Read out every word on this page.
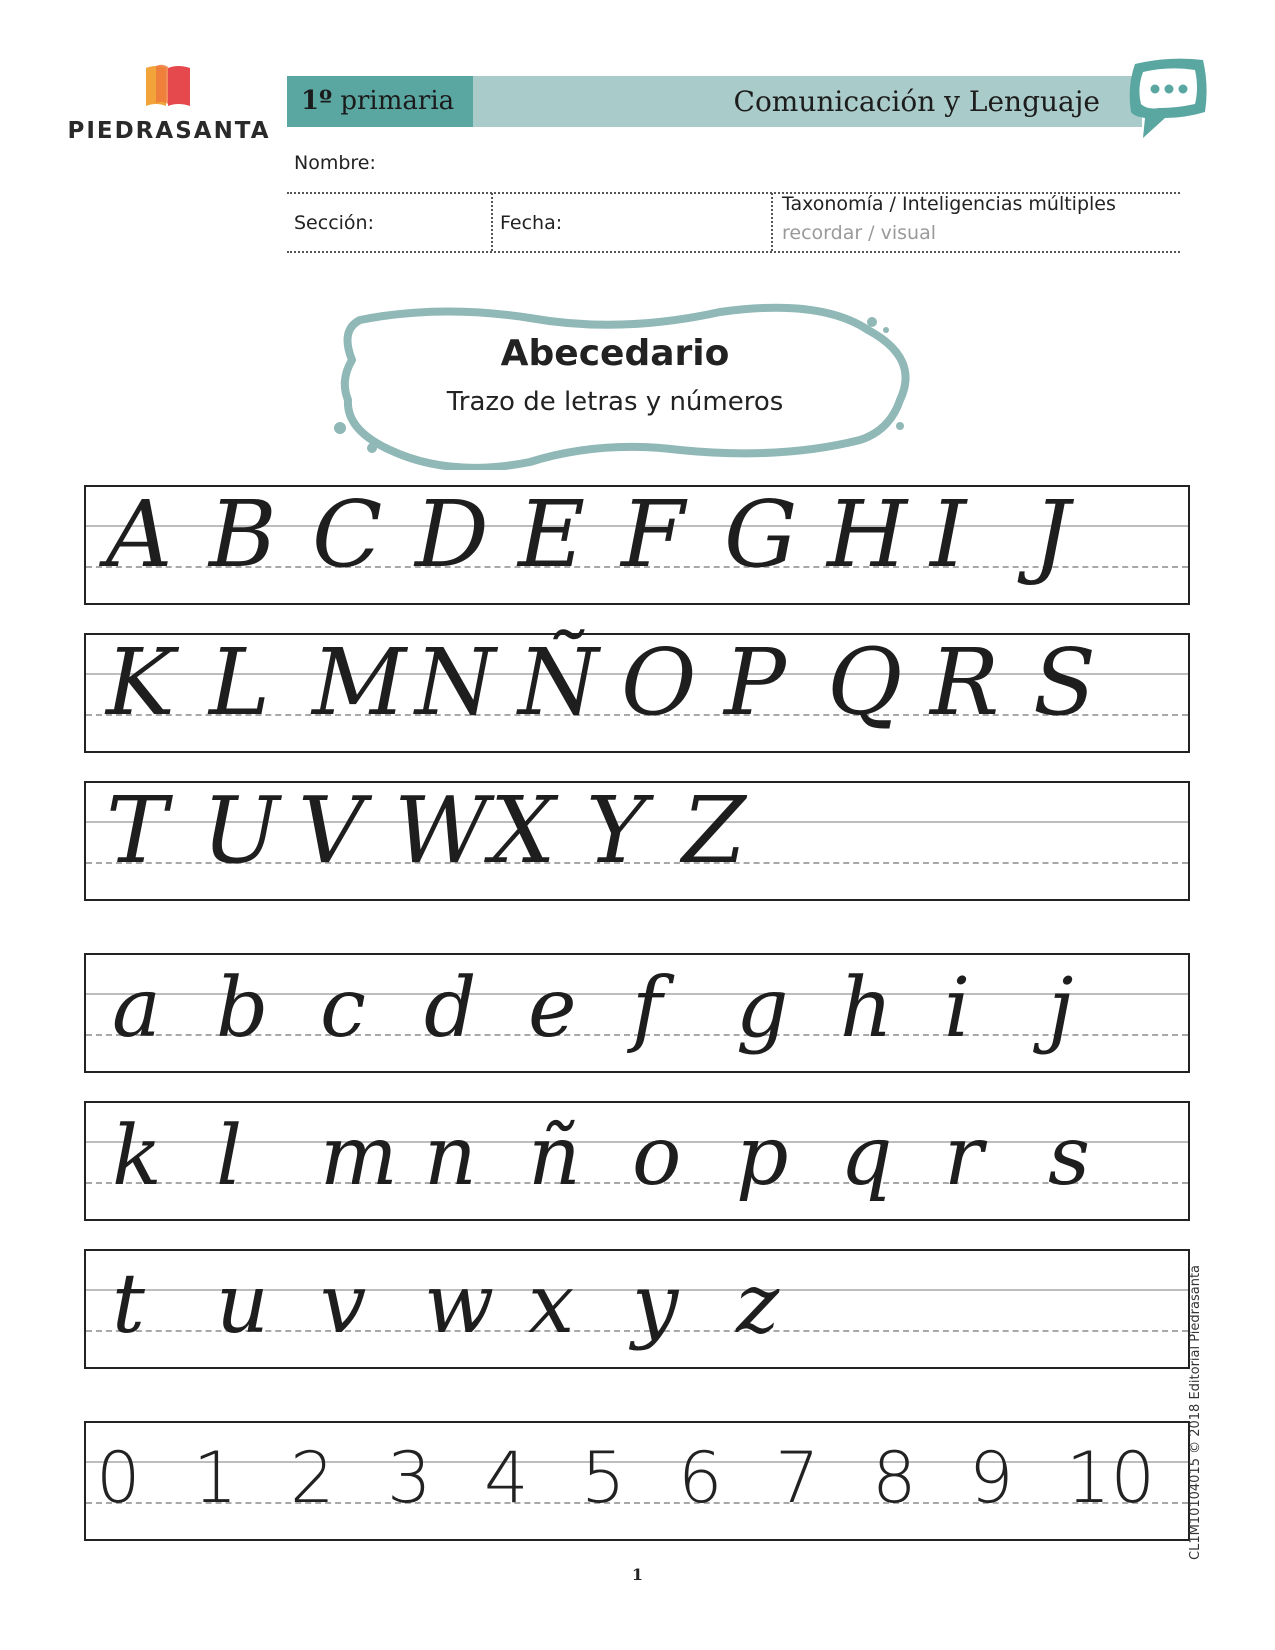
PIEDRASANTA
1º primaria	Comunicación y Lenguaje
Nombre:
Sección:	Fecha:
Taxonomía / Inteligencias múltiples
recordar / visual
Abecedario
Trazo de letras y números
A B C D E F G H I J
K L M N Ñ O P Q R S
T U V W X Y Z
a b c d e f g h i j
k l m n ñ o p q r s
t u v w x y z
0 1 2 3 4 5 6 7 8 9 10	CL1M10104015 © 2018 Editorial Piedrasanta
1
